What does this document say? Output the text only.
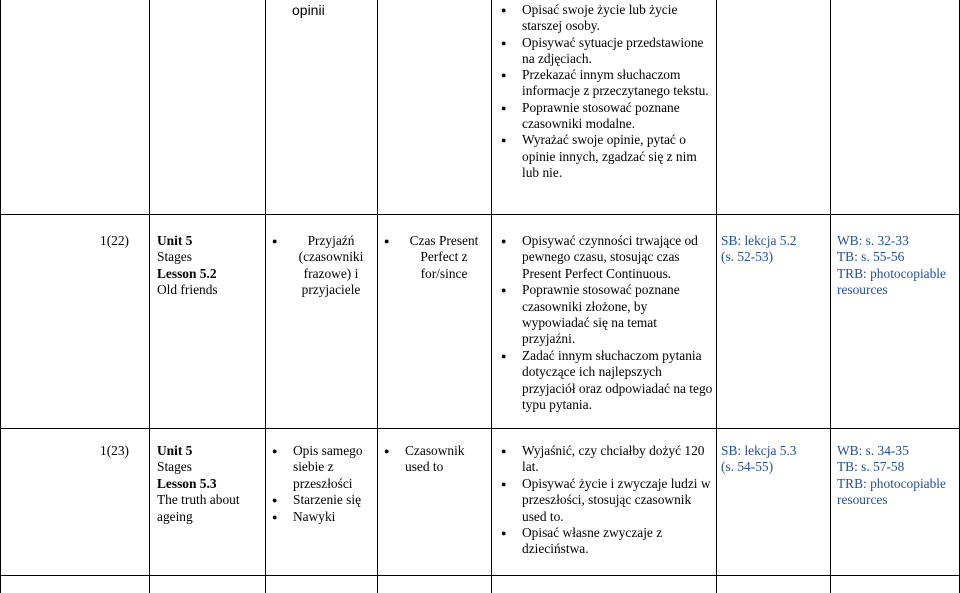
opinii
●	Opisać swoje życie lub życie starszej osoby.
● Opisywać sytuacje przedstawione na zdjęciach.
● Przekazać innym słuchaczom informacje z przeczytanego tekstu.
● Poprawnie stosować poznane czasowniki modalne.
● Wyrażać swoje opinie, pytać o opinie innych, zgadzać się z nim lub nie.
1(22) Unit 5
Stages
Lesson 5.2
Old friends
● Przyjaźń (czasowniki frazowe) i przyjaciele
● Czas Present Perfect z for/since
● Opisywać czynności trwające od pewnego czasu, stosując czas Present Perfect Continuous.
● Poprawnie stosować poznane czasowniki złożone, by wypowiadać się na temat przyjaźni.
● Zadać innym słuchaczom pytania dotyczące ich najlepszych przyjaciół oraz odpowiadać na tego typu pytania.
SB: lekcja 5.2
(s. 52-53)
WB: s. 32-33
TB: s. 55-56
TRB: photocopiable resources
1(23) Unit 5
Stages
Lesson 5.3
The truth about ageing
● Opis samego siebie z przeszłości
● Starzenie się
● Nawyki
● Czasownik used to
● Wyjaśnić, czy chciałby dożyć 120 lat.
● Opisywać życie i zwyczaje ludzi w przeszłości, stosując czasownik used to.
● Opisać własne zwyczaje z dzieciństwa.
SB: lekcja 5.3
(s. 54-55)
WB: s. 34-35
TB: s. 57-58
TRB: photocopiable resources
